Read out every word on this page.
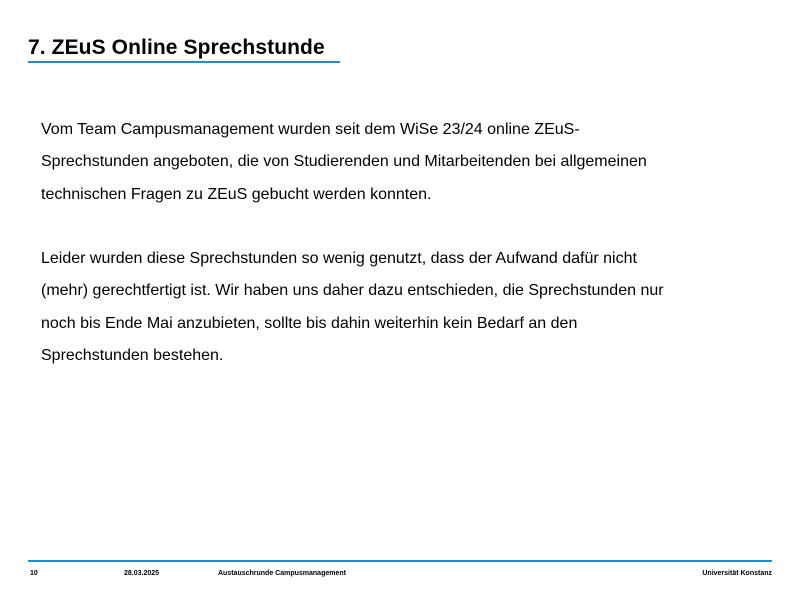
7. ZEuS Online Sprechstunde

Vom Team Campusmanagement wurden seit dem WiSe 23/24 online ZEuS-

Sprechstunden angeboten, die von Studierenden und Mitarbeitenden bei allgemeinen

technischen Fragen zu ZEuS gebucht werden konnten.

Leider wurden diese Sprechstunden so wenig genutzt, dass der Aufwand dafür nicht

(mehr) gerechtfertigt ist. Wir haben uns daher dazu entschieden, die Sprechstunden nur

noch bis Ende Mai anzubieten, sollte bis dahin weiterhin kein Bedarf an den

Sprechstunden bestehen.

10	28.03.2025	Austauschrunde Campusmanagement	Universität Konstanz
